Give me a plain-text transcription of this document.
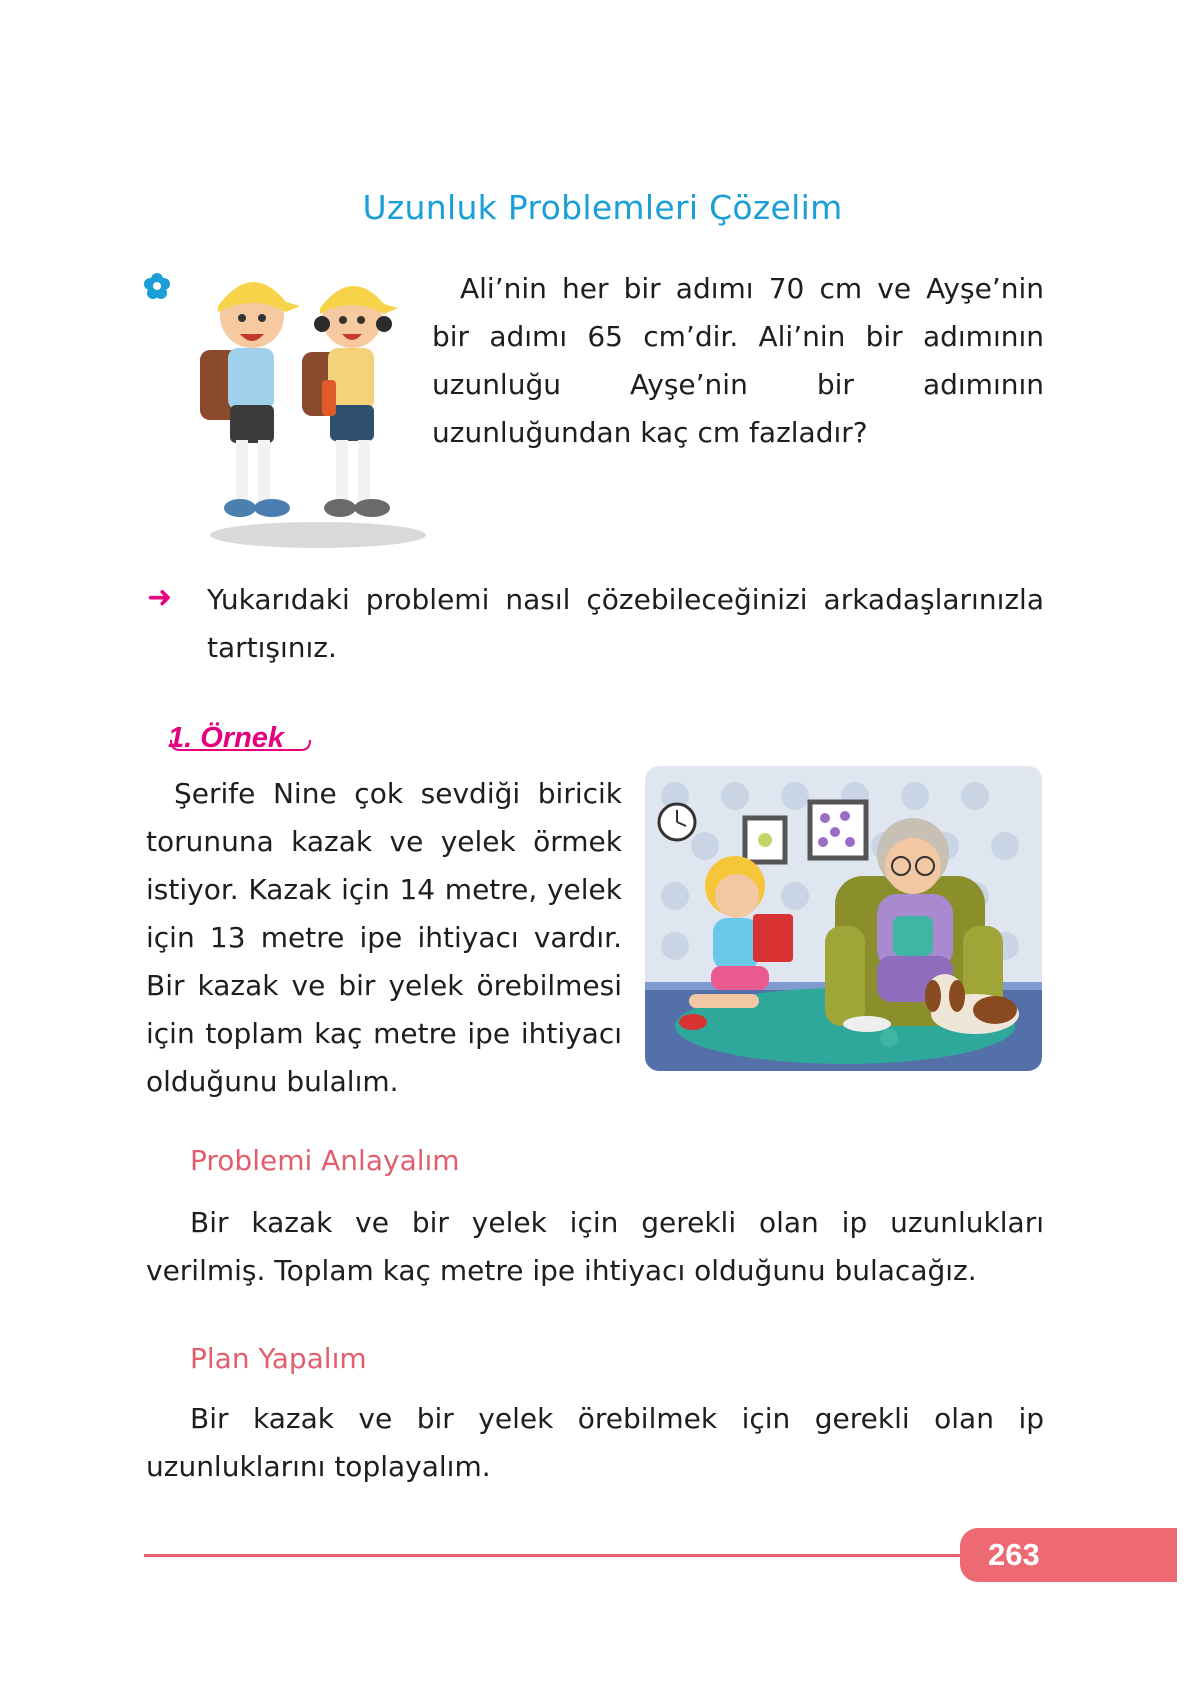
Uzunluk Problemleri Çözelim
Ali’nin her bir adımı 70 cm ve Ayşe’nin bir adımı 65 cm’dir. Ali’nin bir adımının uzunluğu Ayşe’nin bir adımının uzunluğundan kaç cm fazladır?
➜ Yukarıdaki problemi nasıl çözebileceğinizi arkadaşlarınızla tartışınız.
1. Örnek
Şerife Nine çok sevdiği biricik torununa kazak ve yelek örmek istiyor. Kazak için 14 metre, yelek için 13 metre ipe ihtiyacı vardır. Bir kazak ve bir yelek örebilmesi için toplam kaç metre ipe ihtiyacı olduğunu bulalım.
Problemi Anlayalım
Bir kazak ve bir yelek için gerekli olan ip uzunlukları verilmiş. Toplam kaç metre ipe ihtiyacı olduğunu bulacağız.
Plan Yapalım
Bir kazak ve bir yelek örebilmek için gerekli olan ip uzunluklarını toplayalım.
263
